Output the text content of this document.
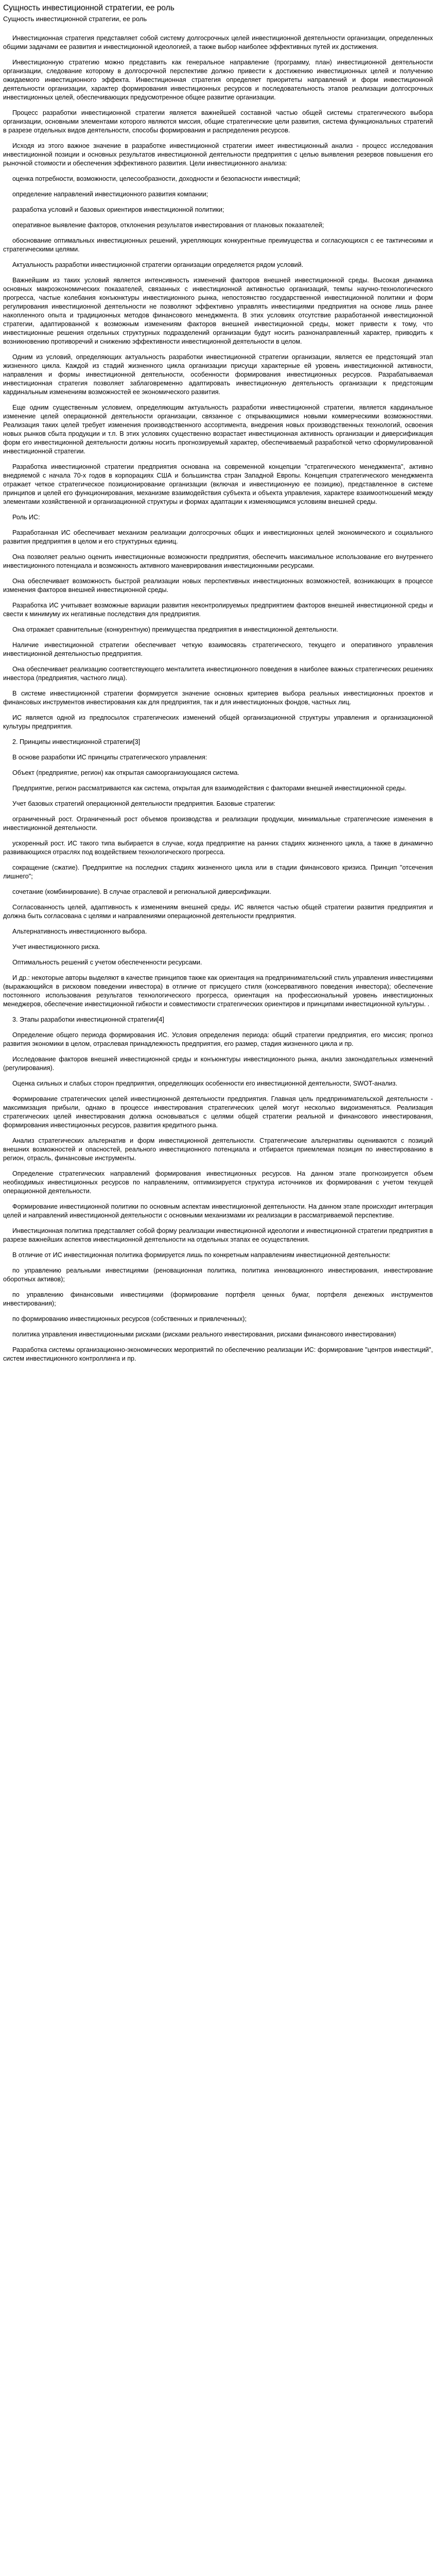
Сущность инвестиционной стратегии, ее роль
Сущность инвестиционной стратегии, ее роль

Инвестиционная стратегия представляет собой систему долгосрочных целей инвестиционной деятельности организации, определенных общими задачами ее развития и инвестиционной идеологией, а также выбор наиболее эффективных путей их достижения.

Инвестиционную стратегию можно представить как генеральное направление (программу, план) инвестиционной деятельности организации, следование которому в долгосрочной перспективе должно привести к достижению инвестиционных целей и получению ожидаемого инвестиционного эффекта. Инвестиционная стратегия определяет приоритеты направлений и форм инвестиционной деятельности организации, характер формирования инвестиционных ресурсов и последовательность этапов реализации долгосрочных инвестиционных целей, обеспечивающих предусмотренное общее развитие организации.

Процесс разработки инвестиционной стратегии является важнейшей составной частью общей системы стратегического выбора организации, основными элементами которого являются миссия, общие стратегические цели развития, система функциональных стратегий в разрезе отдельных видов деятельности, способы формирования и распределения ресурсов.

Исходя из этого важное значение в разработке инвестиционной стратегии имеет инвестиционный анализ - процесс исследования инвестиционной позиции и основных результатов инвестиционной деятельности предприятия с целью выявления резервов повышения его рыночной стоимости и обеспечения эффективного развития. Цели инвестиционного анализа:

оценка потребности, возможности, целесообразности, доходности и безопасности инвестиций;

определение направлений инвестиционного развития компании;

разработка условий и базовых ориентиров инвестиционной политики;

оперативное выявление факторов, отклонения результатов инвестирования от плановых показателей;

обоснование оптимальных инвестиционных решений, укрепляющих конкурентные преимущества и согласующихся с ее тактическими и стратегическими целями.

Актуальность разработки инвестиционной стратегии организации определяется рядом условий.

Важнейшим из таких условий является интенсивность изменений факторов внешней инвестиционной среды. Высокая динамика основных макроэкономических показателей, связанных с инвестиционной активностью организаций, темпы научно-технологического прогресса, частые колебания конъюнктуры инвестиционного рынка, непостоянство государственной инвестиционной политики и форм регулирования инвестиционной деятельности не позволяют эффективно управлять инвестициями предприятия на основе лишь ранее накопленного опыта и традиционных методов финансового менеджмента. В этих условиях отсутствие разработанной инвестиционной стратегии, адаптированной к возможным изменениям факторов внешней инвестиционной среды, может привести к тому, что инвестиционные решения отдельных структурных подразделений организации будут носить разнонаправленный характер, приводить к возникновению противоречий и снижению эффективности инвестиционной деятельности в целом.

Одним из условий, определяющих актуальность разработки инвестиционной стратегии организации, является ее предстоящий этап жизненного цикла. Каждой из стадий жизненного цикла организации присущи характерные ей уровень инвестиционной активности, направления и формы инвестиционной деятельности, особенности формирования инвестиционных ресурсов. Разрабатываемая инвестиционная стратегия позволяет заблаговременно адаптировать инвестиционную деятельность организации к предстоящим кардинальным изменениям возможностей ее экономического развития.

Еще одним существенным условием, определяющим актуальность разработки инвестиционной стратегии, является кардинальное изменение целей операционной деятельности организации, связанное с открывающимися новыми коммерческими возможностями. Реализация таких целей требует изменения производственного ассортимента, внедрения новых производственных технологий, освоения новых рынков сбыта продукции и т.п. В этих условиях существенно возрастает инвестиционная активность организации и диверсификация форм его инвестиционной деятельности должны носить прогнозируемый характер, обеспечиваемый разработкой четко сформулированной инвестиционной стратегии.

Разработка инвестиционной стратегии предприятия основана на современной концепции "стратегического менеджмента", активно внедряемой с начала 70-х годов в корпорациях США и большинства стран Западной Европы. Концепция стратегического менеджмента отражает четкое стратегическое позиционирование организации (включая и инвестиционную ее позицию), представленное в системе принципов и целей его функционирования, механизме взаимодействия субъекта и объекта управления, характере взаимоотношений между элементами хозяйственной и организационной структуры и формах адаптации к изменяющимся условиям внешней среды.

Роль ИС:

Разработанная ИС обеспечивает механизм реализации долгосрочных общих и инвестиционных целей экономического и социального развития предприятия в целом и его структурных единиц.

Она позволяет реально оценить инвестиционные возможности предприятия, обеспечить максимальное использование его внутреннего инвестиционного потенциала и возможность активного маневрирования инвестиционными ресурсами.

Она обеспечивает возможность быстрой реализации новых перспективных инвестиционных возможностей, возникающих в процессе изменения факторов внешней инвестиционной среды.

Разработка ИС учитывает возможные вариации развития неконтролируемых предприятием факторов внешней инвестиционной среды и свести к минимуму их негативные последствия для предприятия.

Она отражает сравнительные (конкурентную) преимущества предприятия в инвестиционной деятельности.

Наличие инвестиционной стратегии обеспечивает четкую взаимосвязь стратегического, текущего и оперативного управления инвестиционной деятельностью предприятия.

Она обеспечивает реализацию соответствующего менталитета инвестиционного поведения в наиболее важных стратегических решениях инвестора (предприятия, частного лица).

В системе инвестиционной стратегии формируется значение основных критериев выбора реальных инвестиционных проектов и финансовых инструментов инвестирования как для предприятия, так и для инвестиционных фондов, частных лиц.

ИС является одной из предпосылок стратегических изменений общей организационной структуры управления и организационной культуры предприятия.

2. Принципы инвестиционной стратегии[3]

В основе разработки ИС принципы стратегического управления:

Объект (предприятие, регион) как открытая самоорганизующаяся система.

Предприятие, регион рассматриваются как система, открытая для взаимодействия с факторами внешней инвестиционной среды.

Учет базовых стратегий операционной деятельности предприятия. Базовые стратегии:

ограниченный рост. Ограниченный рост объемов производства и реализации продукции, минимальные стратегические изменения в инвестиционной деятельности.

ускоренный рост. ИС такого типа выбирается в случае, когда предприятие на ранних стадиях жизненного цикла, а также в динамично развивающихся отраслях под воздействием технологического прогресса.

сокращение (сжатие). Предприятие на последних стадиях жизненного цикла или в стадии финансового кризиса. Принцип "отсечения лишнего";

сочетание (комбинирование). В случае отраслевой и региональной диверсификации.

Согласованность целей, адаптивность к изменениям внешней среды. ИС является частью общей стратегии развития предприятия и должна быть согласована с целями и направлениями операционной деятельности предприятия.

Альтернативность инвестиционного выбора.

Учет инвестиционного риска.

Оптимальность решений с учетом обеспеченности ресурсами.

И др.: некоторые авторы выделяют в качестве принципов также как ориентация на предпринимательский стиль управления инвестициями (выражающийся в рисковом поведении инвестора) в отличие от присущего стиля (консервативного поведения инвестора); обеспечение постоянного использования результатов технологического прогресса, ориентация на профессиональный уровень инвестиционных менеджеров, обеспечение инвестиционной гибкости и совместимости стратегических ориентиров и принципами инвестиционной культуры. .

3. Этапы разработки инвестиционной стратегии[4]

Определение общего периода формирования ИС. Условия определения периода: общий стратегии предприятия, его миссия; прогноз развития экономики в целом, отраслевая принадлежность предприятия, его размер, стадия жизненного цикла и пр.

Исследование факторов внешней инвестиционной среды и конъюнктуры инвестиционного рынка, анализ законодательных изменений (регулирования).

Оценка сильных и слабых сторон предприятия, определяющих особенности его инвестиционной деятельности, SWOT-анализ.

Формирование стратегических целей инвестиционной деятельности предприятия. Главная цель предпринимательской деятельности - максимизация прибыли, однако в процессе инвестирования стратегических целей могут несколько видоизменяться. Реализация стратегических целей инвестирования должна основываться с целями общей стратегии реальной и финансового инвестирования, формирования инвестиционных ресурсов, развития кредитного рынка.

Анализ стратегических альтернатив и форм инвестиционной деятельности. Стратегические альтернативы оцениваются с позиций внешних возможностей и опасностей, реального инвестиционного потенциала и отбирается приемлемая позиция по инвестированию в регион, отрасль, финансовые инструменты.

Определение стратегических направлений формирования инвестиционных ресурсов. На данном этапе прогнозируется объем необходимых инвестиционных ресурсов по направлениям, оптимизируется структура источников их формирования с учетом текущей операционной деятельности.

Формирование инвестиционной политики по основным аспектам инвестиционной деятельности. На данном этапе происходит интеграция целей и направлений инвестиционной деятельности с основными механизмами их реализации в рассматриваемой перспективе.

Инвестиционная политика представляет собой форму реализации инвестиционной идеологии и инвестиционной стратегии предприятия в разрезе важнейших аспектов инвестиционной деятельности на отдельных этапах ее осуществления.

В отличие от ИС инвестиционная политика формируется лишь по конкретным направлениям инвестиционной деятельности:

по управлению реальными инвестициями (реновационная политика, политика инновационного инвестирования, инвестирование оборотных активов);

по управлению финансовыми инвестициями (формирование портфеля ценных бумаг, портфеля денежных инструментов инвестирования);

по формированию инвестиционных ресурсов (собственных и привлеченных);

политика управления инвестиционными рисками (рисками реального инвестирования, рисками финансового инвестирования)

Разработка системы организационно-экономических мероприятий по обеспечению реализации ИС: формирование "центров инвестиций", систем инвестиционного контроллинга и пр.
